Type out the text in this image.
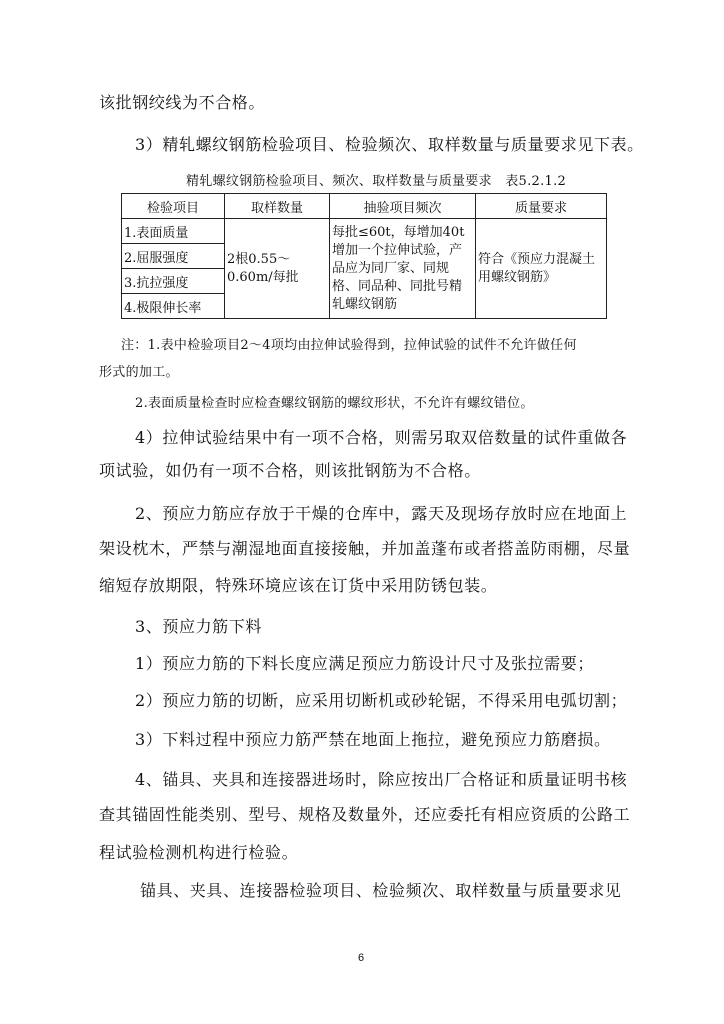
该批钢绞线为不合格。
3）精轧螺纹钢筋检验项目、检验频次、取样数量与质量要求见下表。
精轧螺纹钢筋检验项目、频次、取样数量与质量要求　表5.2.1.2
检验项目	取样数量	抽验项目频次	质量要求
1.表面质量	2根0.55～0.60m/每批	每批≤60t，每增加40t增加一个拉伸试验，产品应为同厂家、同规格、同品种、同批号精轧螺纹钢筋	符合《预应力混凝土用螺纹钢筋》
2.屈服强度			
3.抗拉强度			
4.极限伸长率			
注：1.表中检验项目2～4项均由拉伸试验得到，拉伸试验的试件不允许做任何
形式的加工。
2.表面质量检查时应检查螺纹钢筋的螺纹形状，不允许有螺纹错位。
4）拉伸试验结果中有一项不合格，则需另取双倍数量的试件重做各
项试验，如仍有一项不合格，则该批钢筋为不合格。
2、预应力筋应存放于干燥的仓库中，露天及现场存放时应在地面上
架设枕木，严禁与潮湿地面直接接触，并加盖蓬布或者搭盖防雨棚，尽量
缩短存放期限，特殊环境应该在订货中采用防锈包装。
3、预应力筋下料
1）预应力筋的下料长度应满足预应力筋设计尺寸及张拉需要；
2）预应力筋的切断，应采用切断机或砂轮锯，不得采用电弧切割；
3）下料过程中预应力筋严禁在地面上拖拉，避免预应力筋磨损。
4、锚具、夹具和连接器进场时，除应按出厂合格证和质量证明书核
查其锚固性能类别、型号、规格及数量外，还应委托有相应资质的公路工
程试验检测机构进行检验。
锚具、夹具、连接器检验项目、检验频次、取样数量与质量要求见
6
